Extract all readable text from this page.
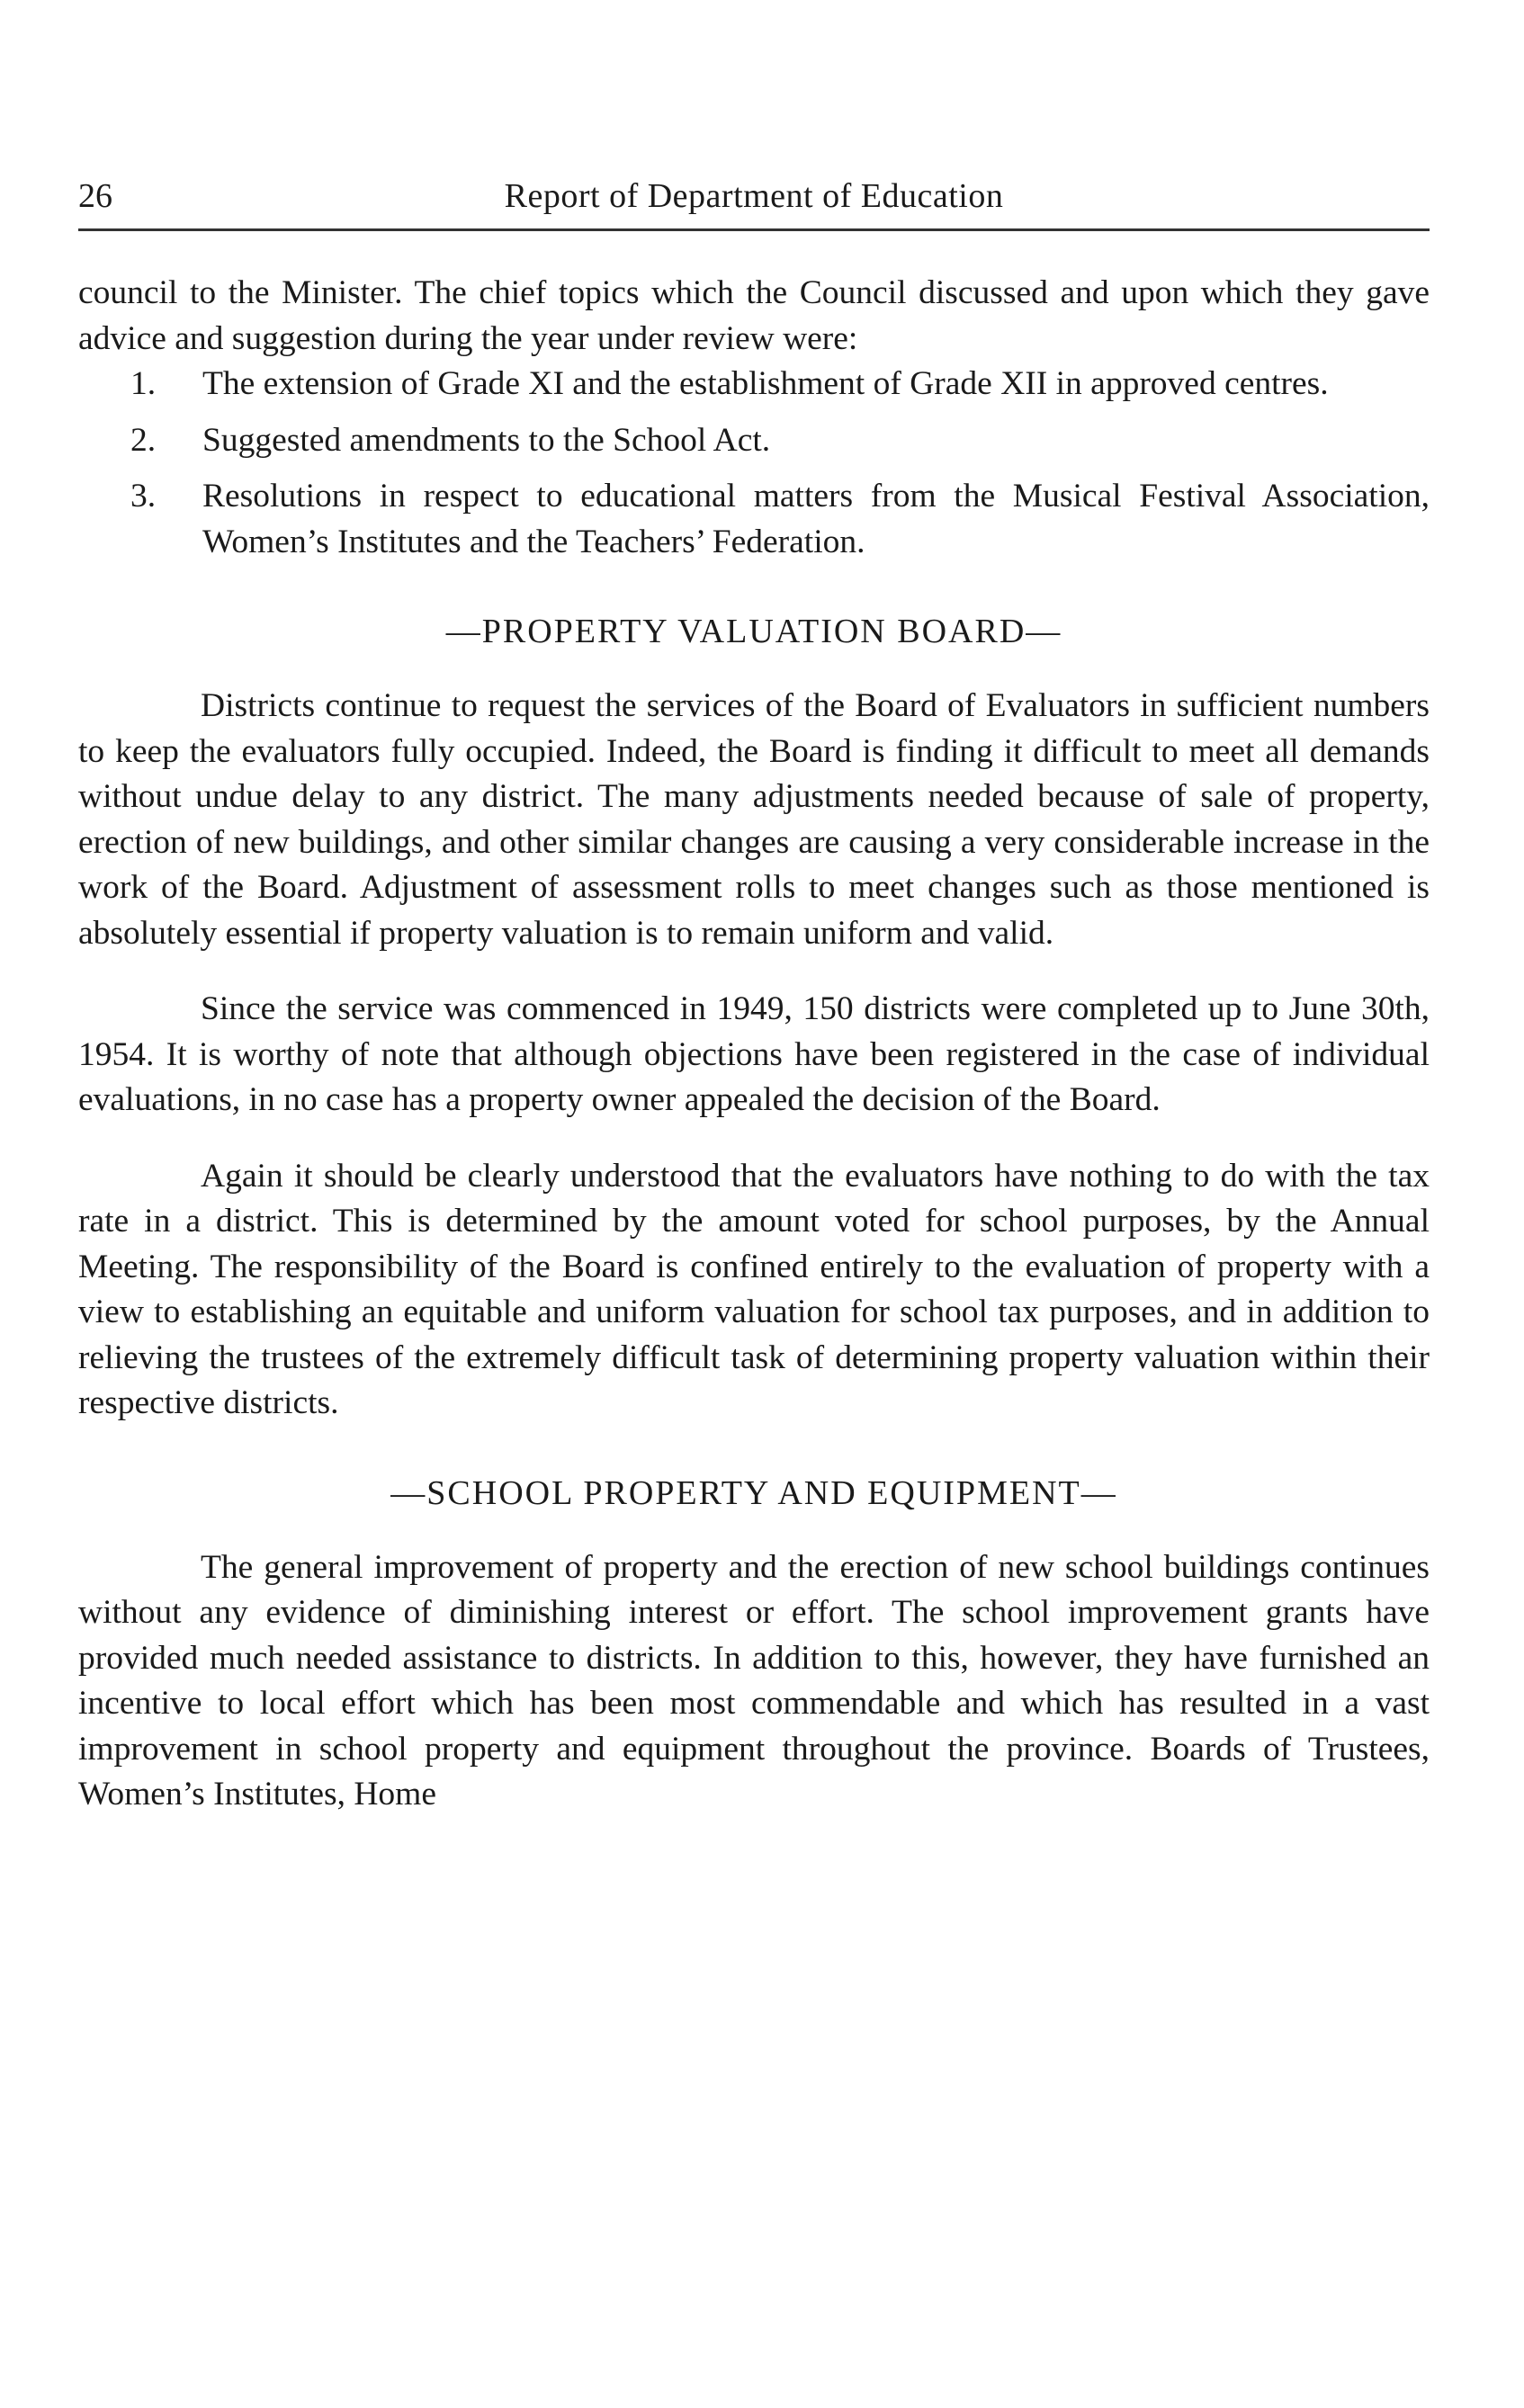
26	Report of Department of Education

council to the Minister. The chief topics which the Council discussed and upon which they gave advice and suggestion during the year under review were:

1. The extension of Grade XI and the establishment of Grade XII in approved centres.
2. Suggested amendments to the School Act.
3. Resolutions in respect to educational matters from the Musical Festival Association, Women’s Institutes and the Teachers’ Federation.
—PROPERTY VALUATION BOARD—

Districts continue to request the services of the Board of Evaluators in sufficient numbers to keep the evaluators fully occupied. Indeed, the Board is finding it difficult to meet all demands without undue delay to any district. The many adjustments needed because of sale of property, erection of new buildings, and other similar changes are causing a very considerable increase in the work of the Board. Adjustment of assessment rolls to meet changes such as those mentioned is absolutely essential if property valuation is to remain uniform and valid.

Since the service was commenced in 1949, 150 districts were completed up to June 30th, 1954. It is worthy of note that although objections have been registered in the case of individual evaluations, in no case has a property owner appealed the decision of the Board.

Again it should be clearly understood that the evaluators have nothing to do with the tax rate in a district. This is determined by the amount voted for school purposes, by the Annual Meeting. The responsibility of the Board is confined entirely to the evaluation of property with a view to establishing an equitable and uniform valuation for school tax purposes, and in addition to relieving the trustees of the extremely difficult task of determining property valuation within their respective districts.

—SCHOOL PROPERTY AND EQUIPMENT—

The general improvement of property and the erection of new school buildings continues without any evidence of diminishing interest or effort. The school improvement grants have provided much needed assistance to districts. In addition to this, however, they have furnished an incentive to local effort which has been most commendable and which has resulted in a vast improvement in school property and equipment throughout the province. Boards of Trustees, Women’s Institutes, Home
